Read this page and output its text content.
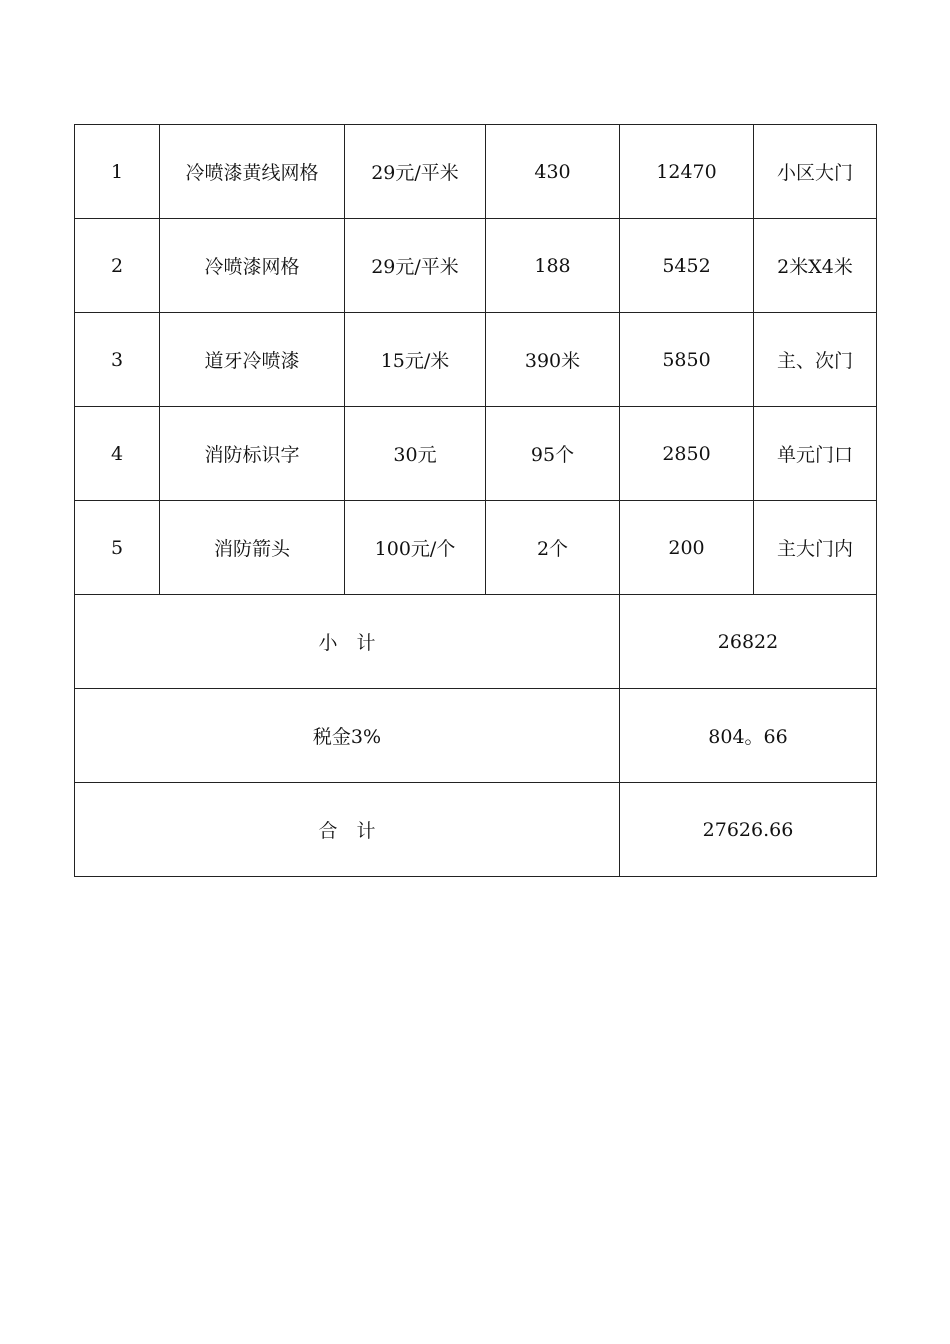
1	冷喷漆黄线网格	29元/平米	430	12470	小区大门
2	冷喷漆网格	29元/平米	188	5452	2米X4米
3	道牙冷喷漆	15元/米	390米	5850	主、次门
4	消防标识字	30元	95个	2850	单元门口
5	消防箭头	100元/个	2个	200	主大门内
小　计				26822	
税金3%				804。66	
合　计				27626.66	
